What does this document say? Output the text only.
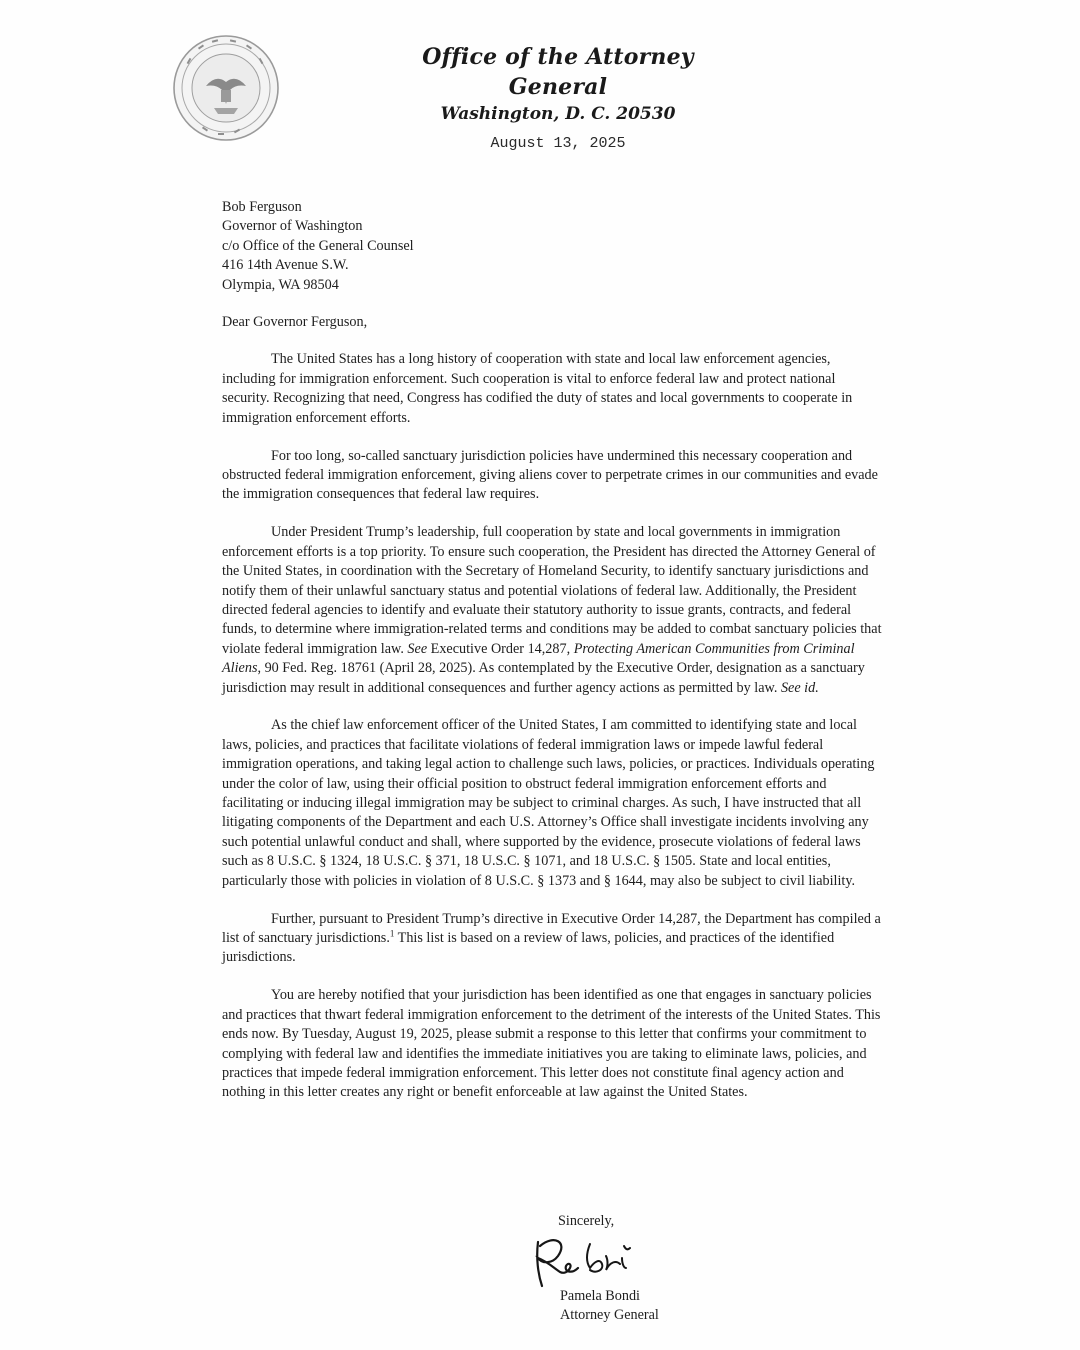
Office of the Attorney General
Washington, D. C. 20530
August 13, 2025

Bob Ferguson

Governor of Washington

c/o Office of the General Counsel

416 14th Avenue S.W.

Olympia, WA 98504

Dear Governor Ferguson,

The United States has a long history of cooperation with state and local law enforcement agencies, including for immigration enforcement. Such cooperation is vital to enforce federal law and protect national security. Recognizing that need, Congress has codified the duty of states and local governments to cooperate in immigration enforcement efforts.

For too long, so-called sanctuary jurisdiction policies have undermined this necessary cooperation and obstructed federal immigration enforcement, giving aliens cover to perpetrate crimes in our communities and evade the immigration consequences that federal law requires.

Under President Trump’s leadership, full cooperation by state and local governments in immigration enforcement efforts is a top priority. To ensure such cooperation, the President has directed the Attorney General of the United States, in coordination with the Secretary of Homeland Security, to identify sanctuary jurisdictions and notify them of their unlawful sanctuary status and potential violations of federal law. Additionally, the President directed federal agencies to identify and evaluate their statutory authority to issue grants, contracts, and federal funds, to determine where immigration-related terms and conditions may be added to combat sanctuary policies that violate federal immigration law. See Executive Order 14,287, Protecting American Communities from Criminal Aliens, 90 Fed. Reg. 18761 (April 28, 2025). As contemplated by the Executive Order, designation as a sanctuary jurisdiction may result in additional consequences and further agency actions as permitted by law. See id.

As the chief law enforcement officer of the United States, I am committed to identifying state and local laws, policies, and practices that facilitate violations of federal immigration laws or impede lawful federal immigration operations, and taking legal action to challenge such laws, policies, or practices. Individuals operating under the color of law, using their official position to obstruct federal immigration enforcement efforts and facilitating or inducing illegal immigration may be subject to criminal charges. As such, I have instructed that all litigating components of the Department and each U.S. Attorney’s Office shall investigate incidents involving any such potential unlawful conduct and shall, where supported by the evidence, prosecute violations of federal laws such as 8 U.S.C. § 1324, 18 U.S.C. § 371, 18 U.S.C. § 1071, and 18 U.S.C. § 1505. State and local entities, particularly those with policies in violation of 8 U.S.C. § 1373 and § 1644, may also be subject to civil liability.

Further, pursuant to President Trump’s directive in Executive Order 14,287, the Department has compiled a list of sanctuary jurisdictions.$^1$ This list is based on a review of laws, policies, and practices of the identified jurisdictions.

You are hereby notified that your jurisdiction has been identified as one that engages in sanctuary policies and practices that thwart federal immigration enforcement to the detriment of the interests of the United States. This ends now. By Tuesday, August 19, 2025, please submit a response to this letter that confirms your commitment to complying with federal law and identifies the immediate initiatives you are taking to eliminate laws, policies, and practices that impede federal immigration enforcement. This letter does not constitute final agency action and nothing in this letter creates any right or benefit enforceable at law against the United States.

Sincerely,

Pamela Bondi

Attorney General
